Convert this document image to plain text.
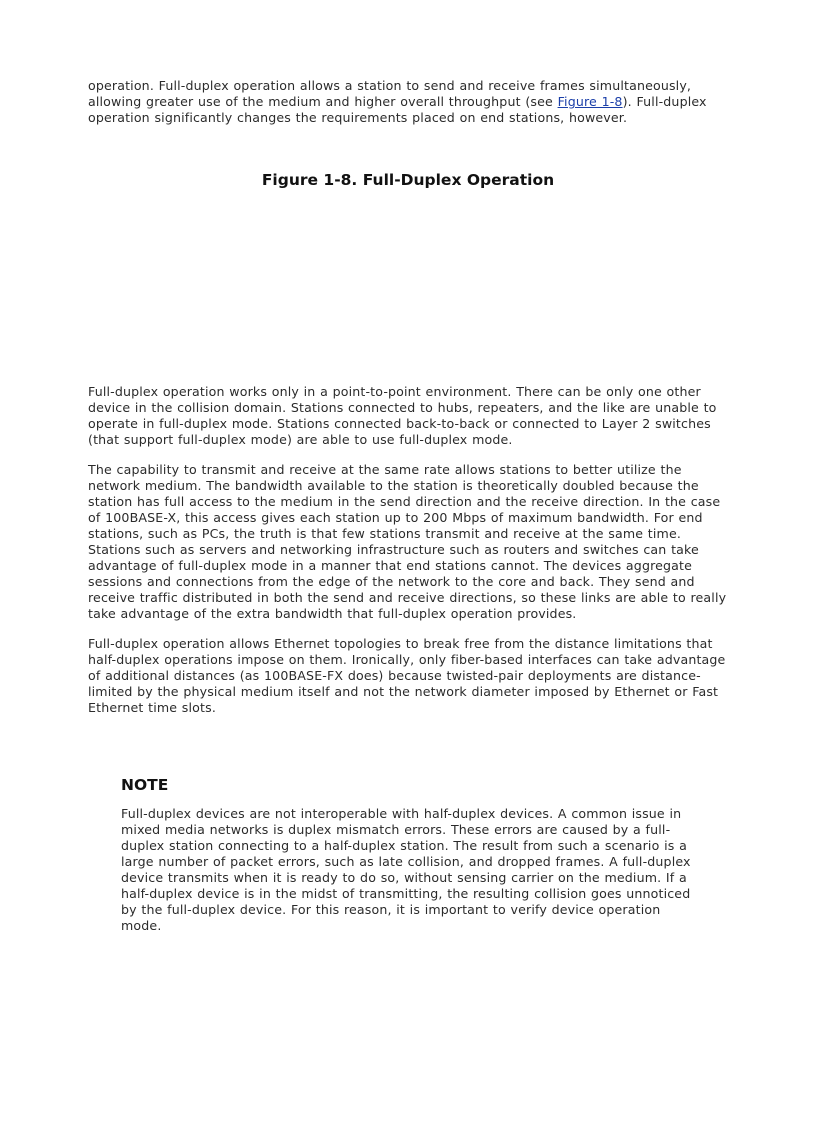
operation. Full-duplex operation allows a station to send and receive frames simultaneously, allowing greater use of the medium and higher overall throughput (see Figure 1-8). Full-duplex operation significantly changes the requirements placed on end stations, however.

Figure 1-8. Full-Duplex Operation

Full-duplex operation works only in a point-to-point environment. There can be only one other device in the collision domain. Stations connected to hubs, repeaters, and the like are unable to operate in full-duplex mode. Stations connected back-to-back or connected to Layer 2 switches (that support full-duplex mode) are able to use full-duplex mode.

The capability to transmit and receive at the same rate allows stations to better utilize the network medium. The bandwidth available to the station is theoretically doubled because the station has full access to the medium in the send direction and the receive direction. In the case of 100BASE-X, this access gives each station up to 200 Mbps of maximum bandwidth. For end stations, such as PCs, the truth is that few stations transmit and receive at the same time. Stations such as servers and networking infrastructure such as routers and switches can take advantage of full-duplex mode in a manner that end stations cannot. The devices aggregate sessions and connections from the edge of the network to the core and back. They send and receive traffic distributed in both the send and receive directions, so these links are able to really take advantage of the extra bandwidth that full-duplex operation provides.

Full-duplex operation allows Ethernet topologies to break free from the distance limitations that half-duplex operations impose on them. Ironically, only fiber-based interfaces can take advantage of additional distances (as 100BASE-FX does) because twisted-pair deployments are distance-limited by the physical medium itself and not the network diameter imposed by Ethernet or Fast Ethernet time slots.

NOTE

Full-duplex devices are not interoperable with half-duplex devices. A common issue in mixed media networks is duplex mismatch errors. These errors are caused by a full-duplex station connecting to a half-duplex station. The result from such a scenario is a large number of packet errors, such as late collision, and dropped frames. A full-duplex device transmits when it is ready to do so, without sensing carrier on the medium. If a half-duplex device is in the midst of transmitting, the resulting collision goes unnoticed by the full-duplex device. For this reason, it is important to verify device operation mode.
